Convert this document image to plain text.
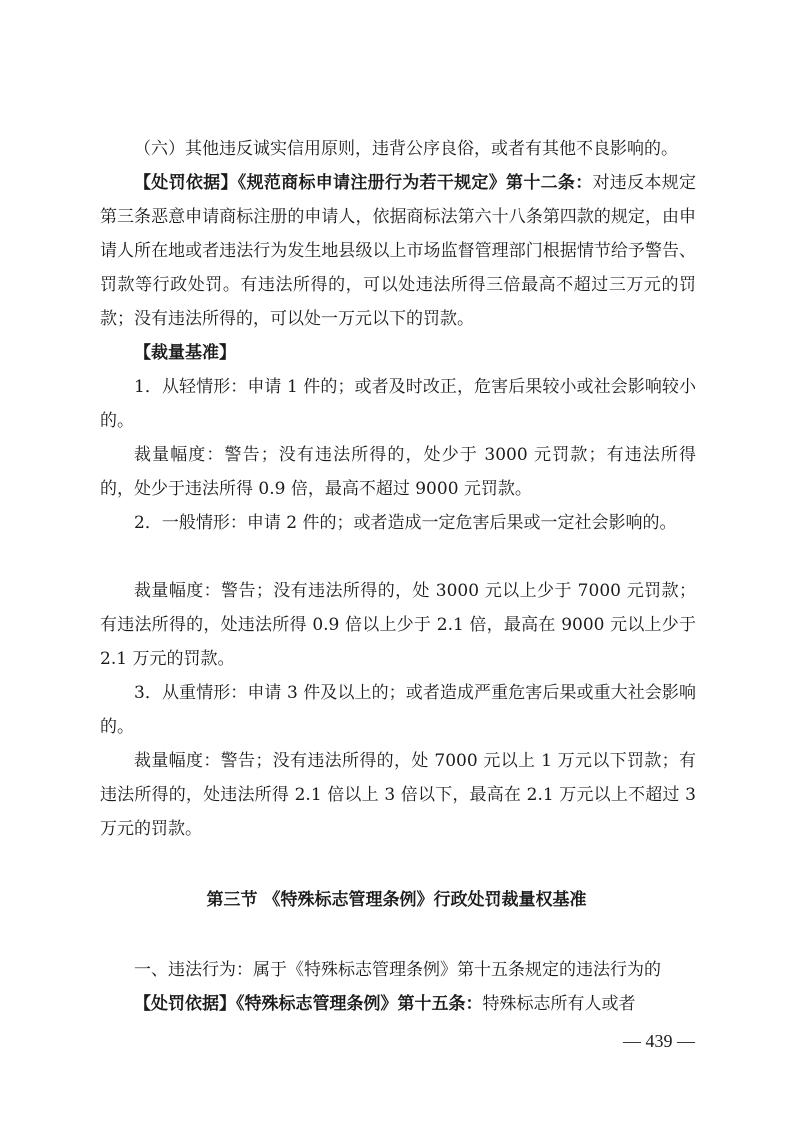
（六）其他违反诚实信用原则，违背公序良俗，或者有其他不良影响的。

【处罚依据】《规范商标申请注册行为若干规定》第十二条：对违反本规定第三条恶意申请商标注册的申请人，依据商标法第六十八条第四款的规定，由申请人所在地或者违法行为发生地县级以上市场监督管理部门根据情节给予警告、罚款等行政处罚。有违法所得的，可以处违法所得三倍最高不超过三万元的罚款；没有违法所得的，可以处一万元以下的罚款。

【裁量基准】

1．从轻情形：申请 1 件的；或者及时改正，危害后果较小或社会影响较小的。

裁量幅度：警告；没有违法所得的，处少于 3000 元罚款；有违法所得的，处少于违法所得 0.9 倍，最高不超过 9000 元罚款。

2．一般情形：申请 2 件的；或者造成一定危害后果或一定社会影响的。

裁量幅度：警告；没有违法所得的，处 3000 元以上少于 7000 元罚款；有违法所得的，处违法所得 0.9 倍以上少于 2.1 倍，最高在 9000 元以上少于 2.1 万元的罚款。

3．从重情形：申请 3 件及以上的；或者造成严重危害后果或重大社会影响的。

裁量幅度：警告；没有违法所得的，处 7000 元以上 1 万元以下罚款；有违法所得的，处违法所得 2.1 倍以上 3 倍以下，最高在 2.1 万元以上不超过 3 万元的罚款。

第三节 《特殊标志管理条例》行政处罚裁量权基准

一、违法行为：属于《特殊标志管理条例》第十五条规定的违法行为的

【处罚依据】《特殊标志管理条例》第十五条：特殊标志所有人或者

— 439 —
